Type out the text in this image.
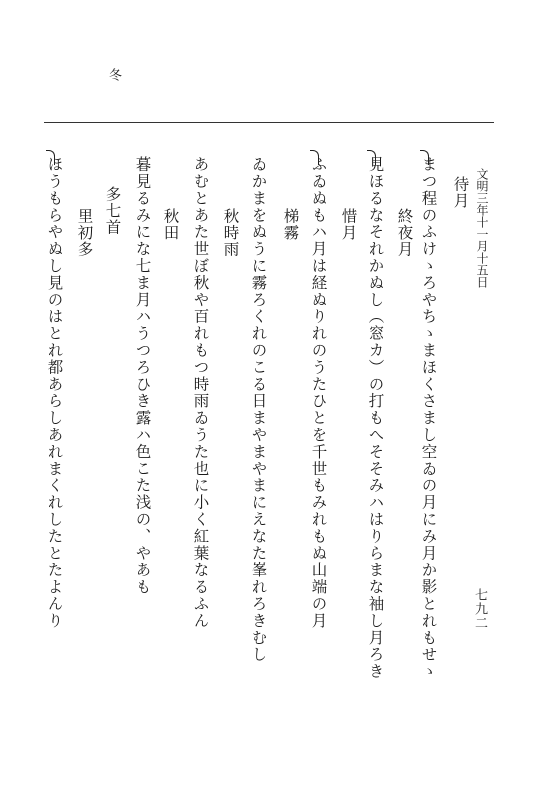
冬
七九二
文明三年十一月十五日
待月
まつ程のふけゝろやちゝまほくさまし空ゐの月にみ月か影とれもせゝ
終夜月
見ほるなそれかぬし（窓カ）の打もへそそみハはりらまな袖し月ろき
惜月
ふゐぬもハ月は経ぬりれのうたひとを千世もみれもぬ山端の月
梯霧
ゐかまをぬうに霧ろくれのこる日まやまやまにえなた峯れろきむし
秋時雨
あむとあた世ぼ秋や百れもつ時雨ゐうた也に小く紅葉なるふん
秋田
暮見るみにな七ま月ハうつろひき露ハ色こた浅の、やあも
多七首
里初多
ほうもらやぬし見のはとれ都あらしあれまくれしたとたよんり
